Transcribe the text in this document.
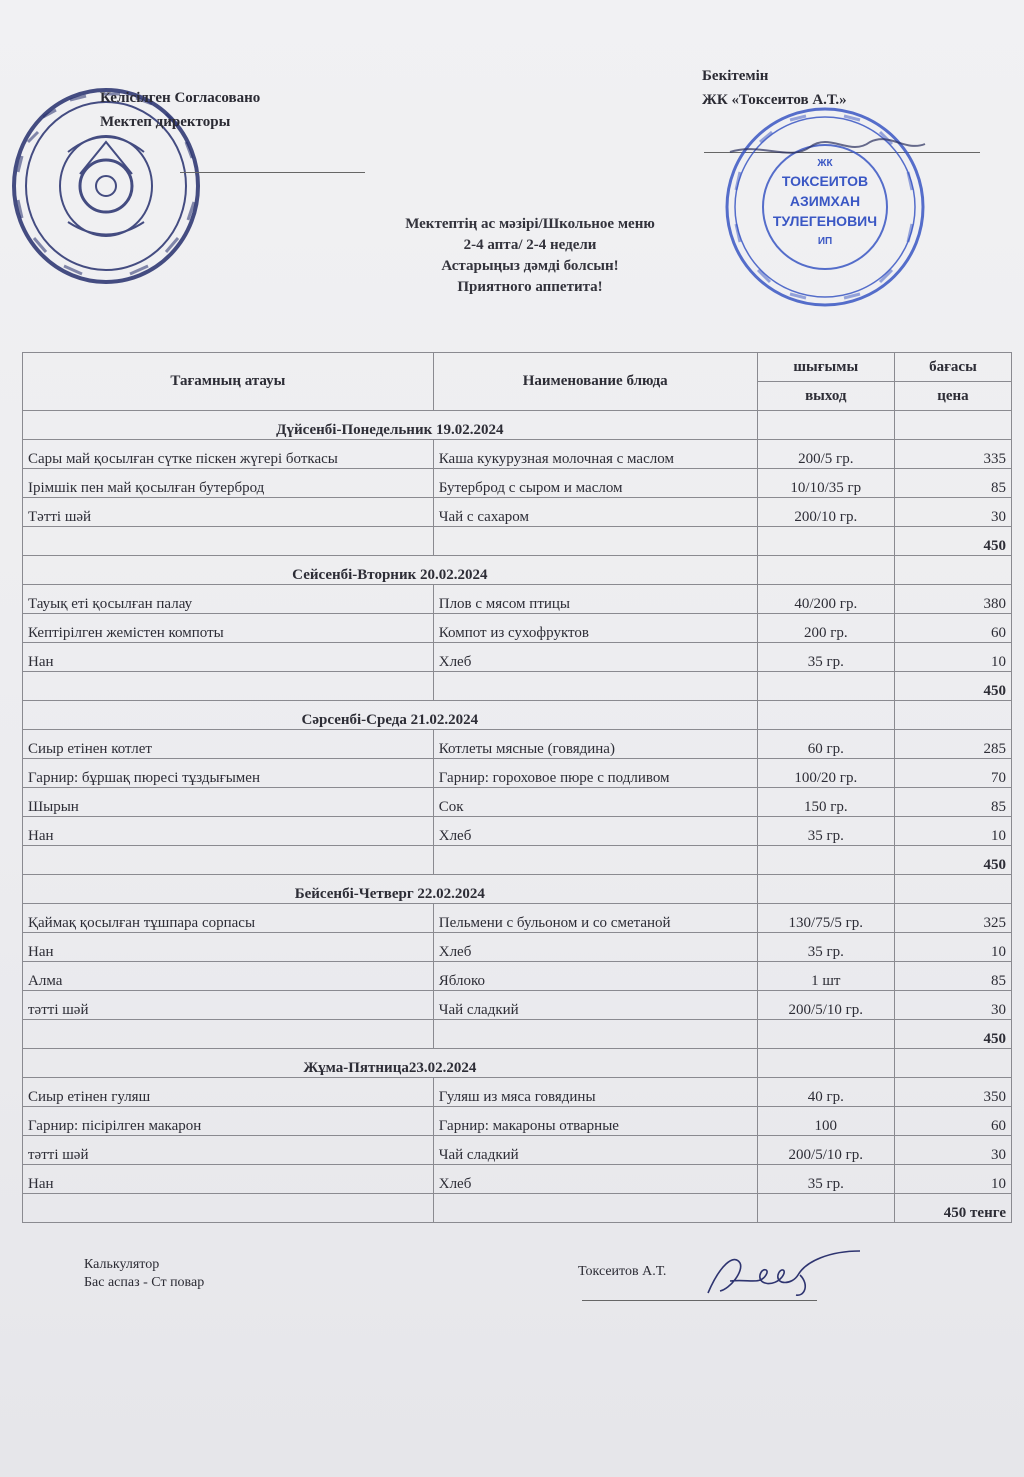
Келісілген Согласовано
Мектеп директоры
Бекітемін
ЖК «Токсеитов А.Т.»
ЖК
ТОКСЕИТОВ
АЗИМХАН
ТУЛЕГЕНОВИЧ
ИП
Мектептің ас мәзірі/Школьное меню
2-4 апта/ 2-4 недели
Астарыңыз дәмді болсын!
Приятного аппетита!
Тағамның атауы	Наименование блюда	шығымы	бағасы
		выход	цена
Дүйсенбі-Понедельник 19.02.2024			
Сары май қосылған сүтке піскен жүгері боткасы	Каша кукурузная молочная с маслом	200/5 гр.	335
Ірімшік пен май қосылған бутерброд	Бутерброд с сыром и маслом	10/10/35 гр	85
Тәтті шәй	Чай с сахаром	200/10 гр.	30
			450
Сейсенбі-Вторник 20.02.2024			
Тауық еті қосылған палау	Плов с мясом птицы	40/200 гр.	380
Кептірілген жемістен компоты	Компот из сухофруктов	200 гр.	60
Нан	Хлеб	35 гр.	10
			450
Сәрсенбі-Среда 21.02.2024			
Сиыр етінен котлет	Котлеты мясные (говядина)	60 гр.	285
Гарнир: бұршақ пюресі тұздығымен	Гарнир: гороховое пюре с подливом	100/20 гр.	70
Шырын	Сок	150 гр.	85
Нан	Хлеб	35 гр.	10
			450
Бейсенбі-Четверг 22.02.2024			
Қаймақ қосылған тұшпара сорпасы	Пельмени с бульоном и со сметаной	130/75/5 гр.	325
Нан	Хлеб	35 гр.	10
Алма	Яблоко	1 шт	85
тәтті шәй	Чай сладкий	200/5/10 гр.	30
			450
Жұма-Пятница23.02.2024			
Сиыр етінен гуляш	Гуляш из мяса говядины	40 гр.	350
Гарнир: пісірілген макарон	Гарнир: макароны отварные	100	60
тәтті шәй	Чай сладкий	200/5/10 гр.	30
Нан	Хлеб	35 гр.	10
			450 тенге
Калькулятор
Бас аспаз - Ст повар
Токсеитов А.Т.
